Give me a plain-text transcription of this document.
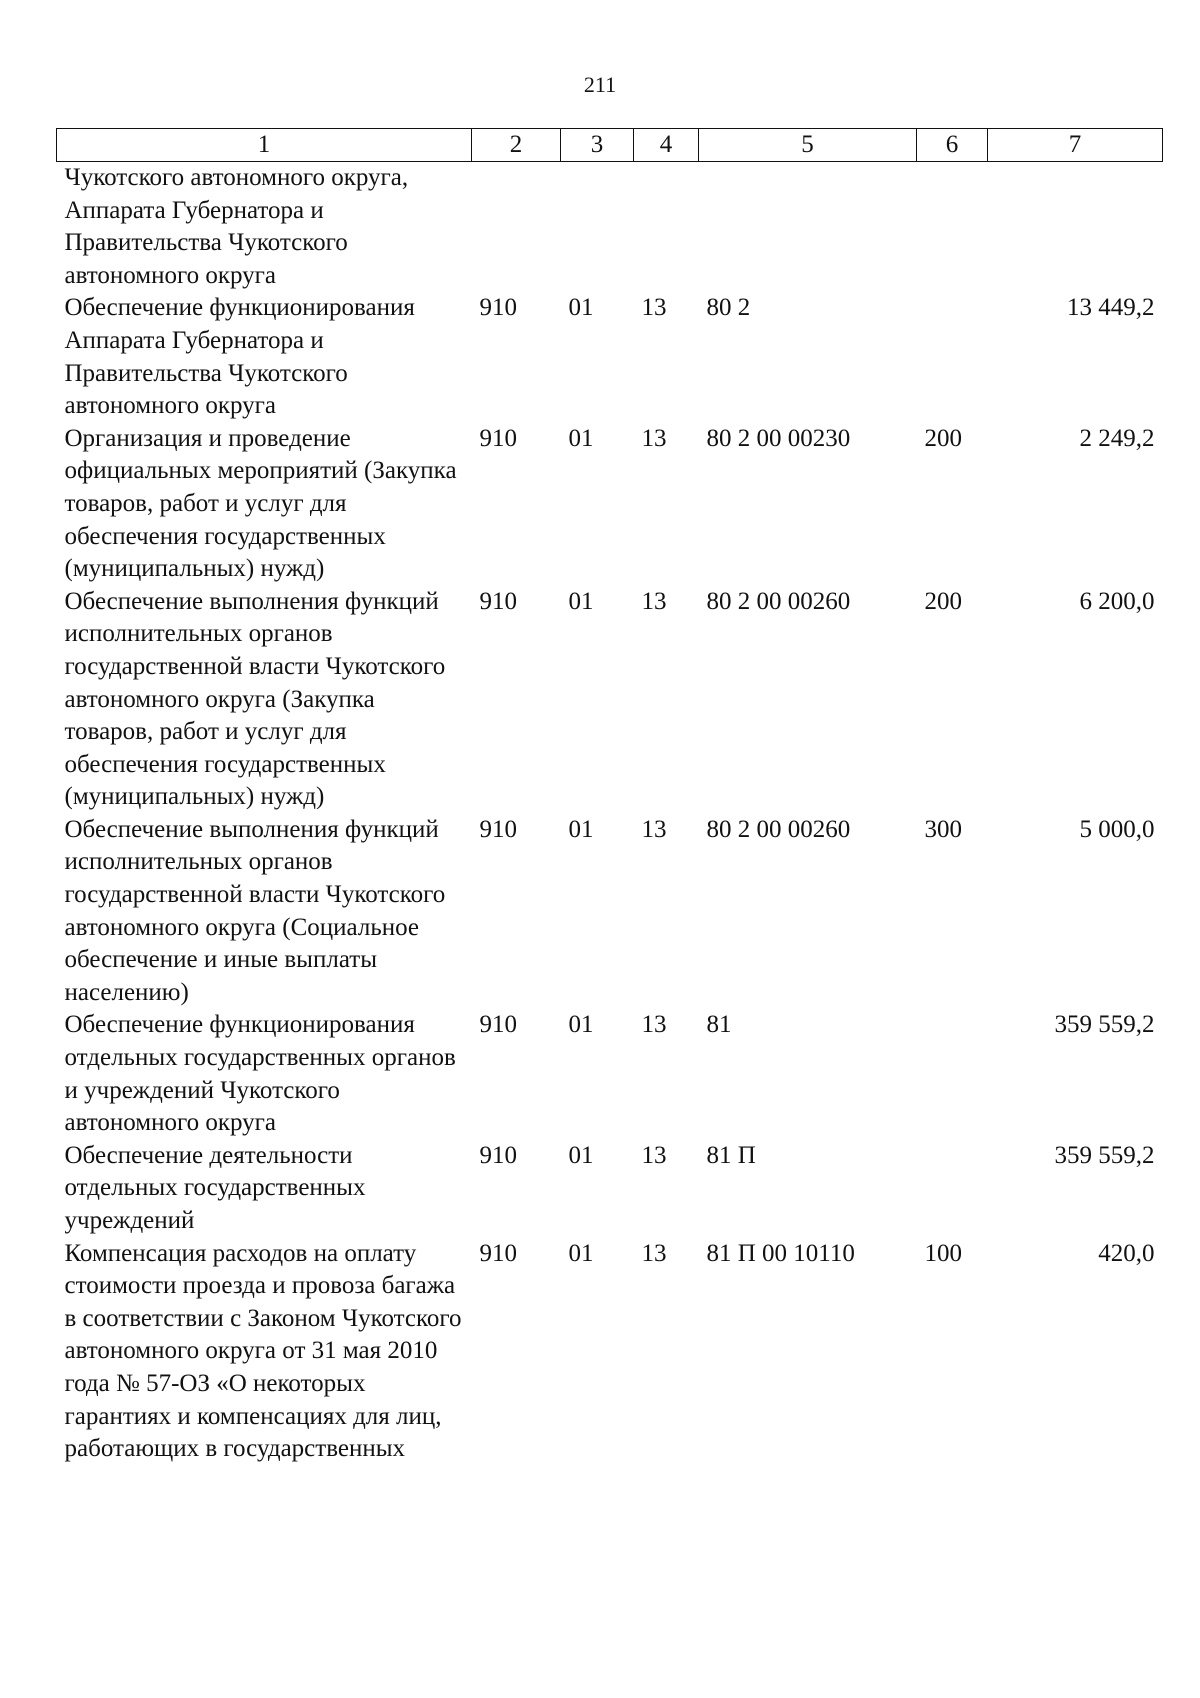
211
1	2	3	4	5	6	7
Чукотского автономного округа, Аппарата Губернатора и Правительства Чукотского автономного округа						
Обеспечение функционирования Аппарата Губернатора и Правительства Чукотского автономного округа	910	01	13	80 2		13 449,2
Организация и проведение официальных мероприятий (Закупка товаров, работ и услуг для обеспечения государственных (муниципальных) нужд)	910	01	13	80 2 00 00230	200	2 249,2
Обеспечение выполнения функций исполнительных органов государственной власти Чукотского автономного округа (Закупка товаров, работ и услуг для обеспечения государственных (муниципальных) нужд)	910	01	13	80 2 00 00260	200	6 200,0
Обеспечение выполнения функций исполнительных органов государственной власти Чукотского автономного округа (Социальное обеспечение и иные выплаты населению)	910	01	13	80 2 00 00260	300	5 000,0
Обеспечение функционирования отдельных государственных органов и учреждений Чукотского автономного округа	910	01	13	81		359 559,2
Обеспечение деятельности отдельных государственных учреждений	910	01	13	81 П		359 559,2
Компенсация расходов на оплату стоимости проезда и провоза багажа в соответствии с Законом Чукотского автономного округа от 31 мая 2010 года № 57-ОЗ «О некоторых гарантиях и компенсациях для лиц, работающих в государственных	910	01	13	81 П 00 10110	100	420,0
